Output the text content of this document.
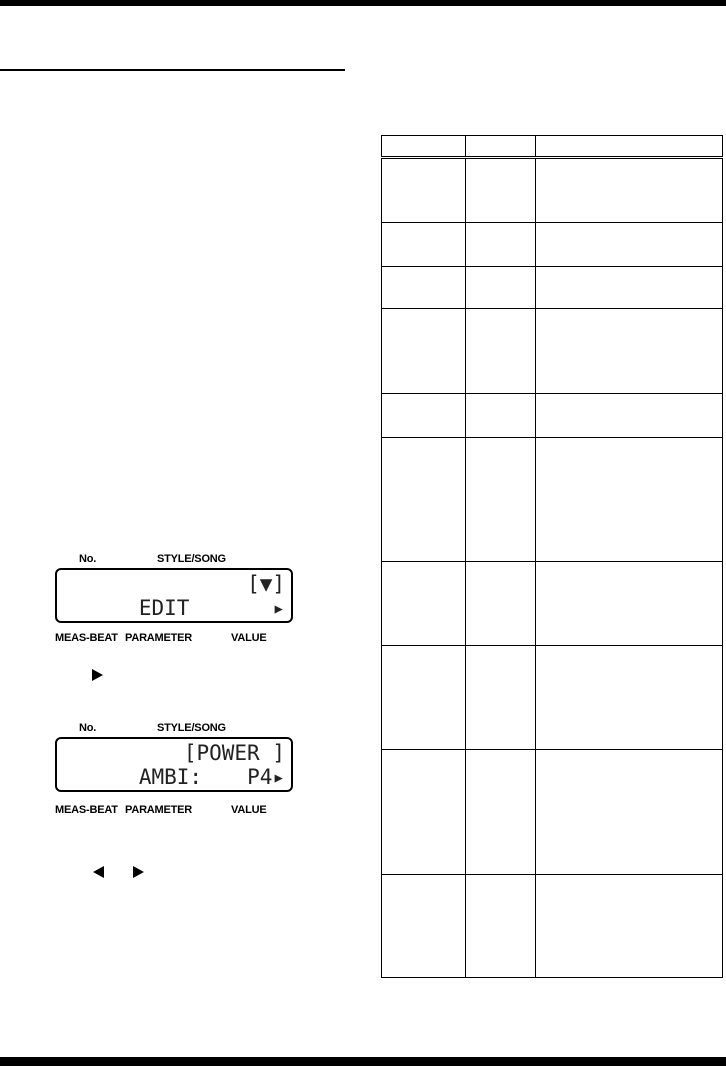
No.	STYLE/SONG

EDIT

[▼]

▸

MEAS-BEAT PARAMETER	VALUE
No.	STYLE/SONG

AMBI:

[POWER ]

P4▸

MEAS-BEAT PARAMETER	VALUE
